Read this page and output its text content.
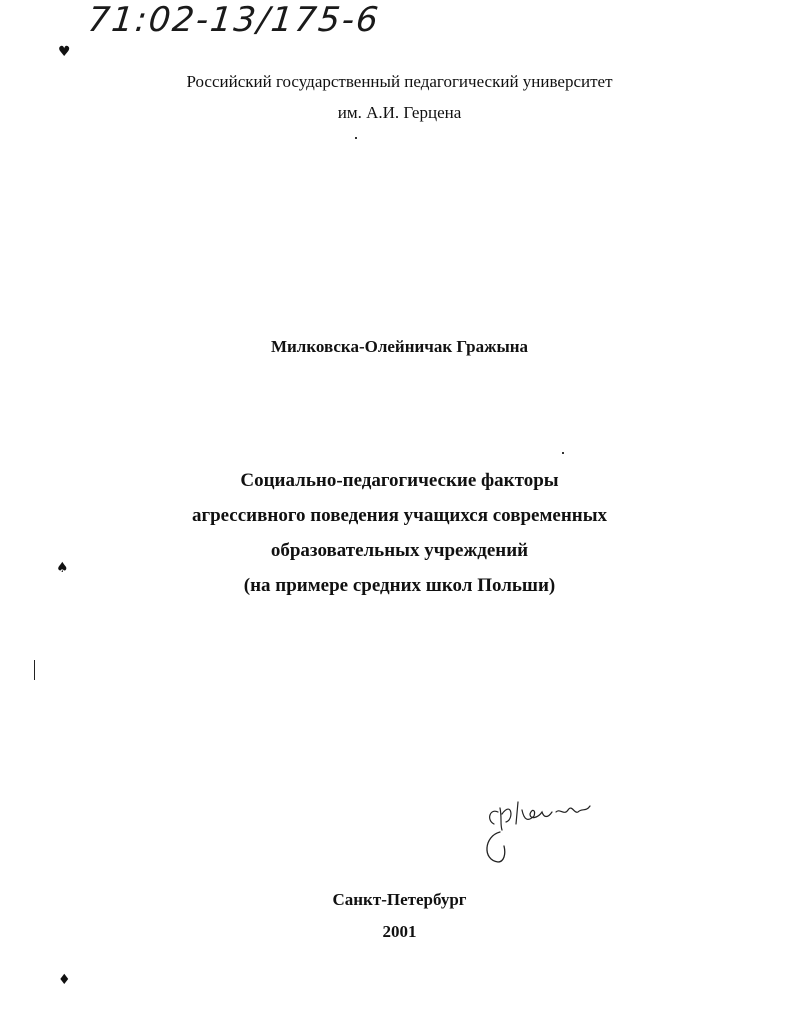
71:02-13/175-6
♥
♠
♦
Российский государственный педагогический университет
им. А.И. Герцена
Милковска-Олейничак Гражына
Социально-педагогические факторы
агрессивного поведения учащихся современных
образовательных учреждений
(на примере средних школ Польши)
Санкт-Петербург
2001
